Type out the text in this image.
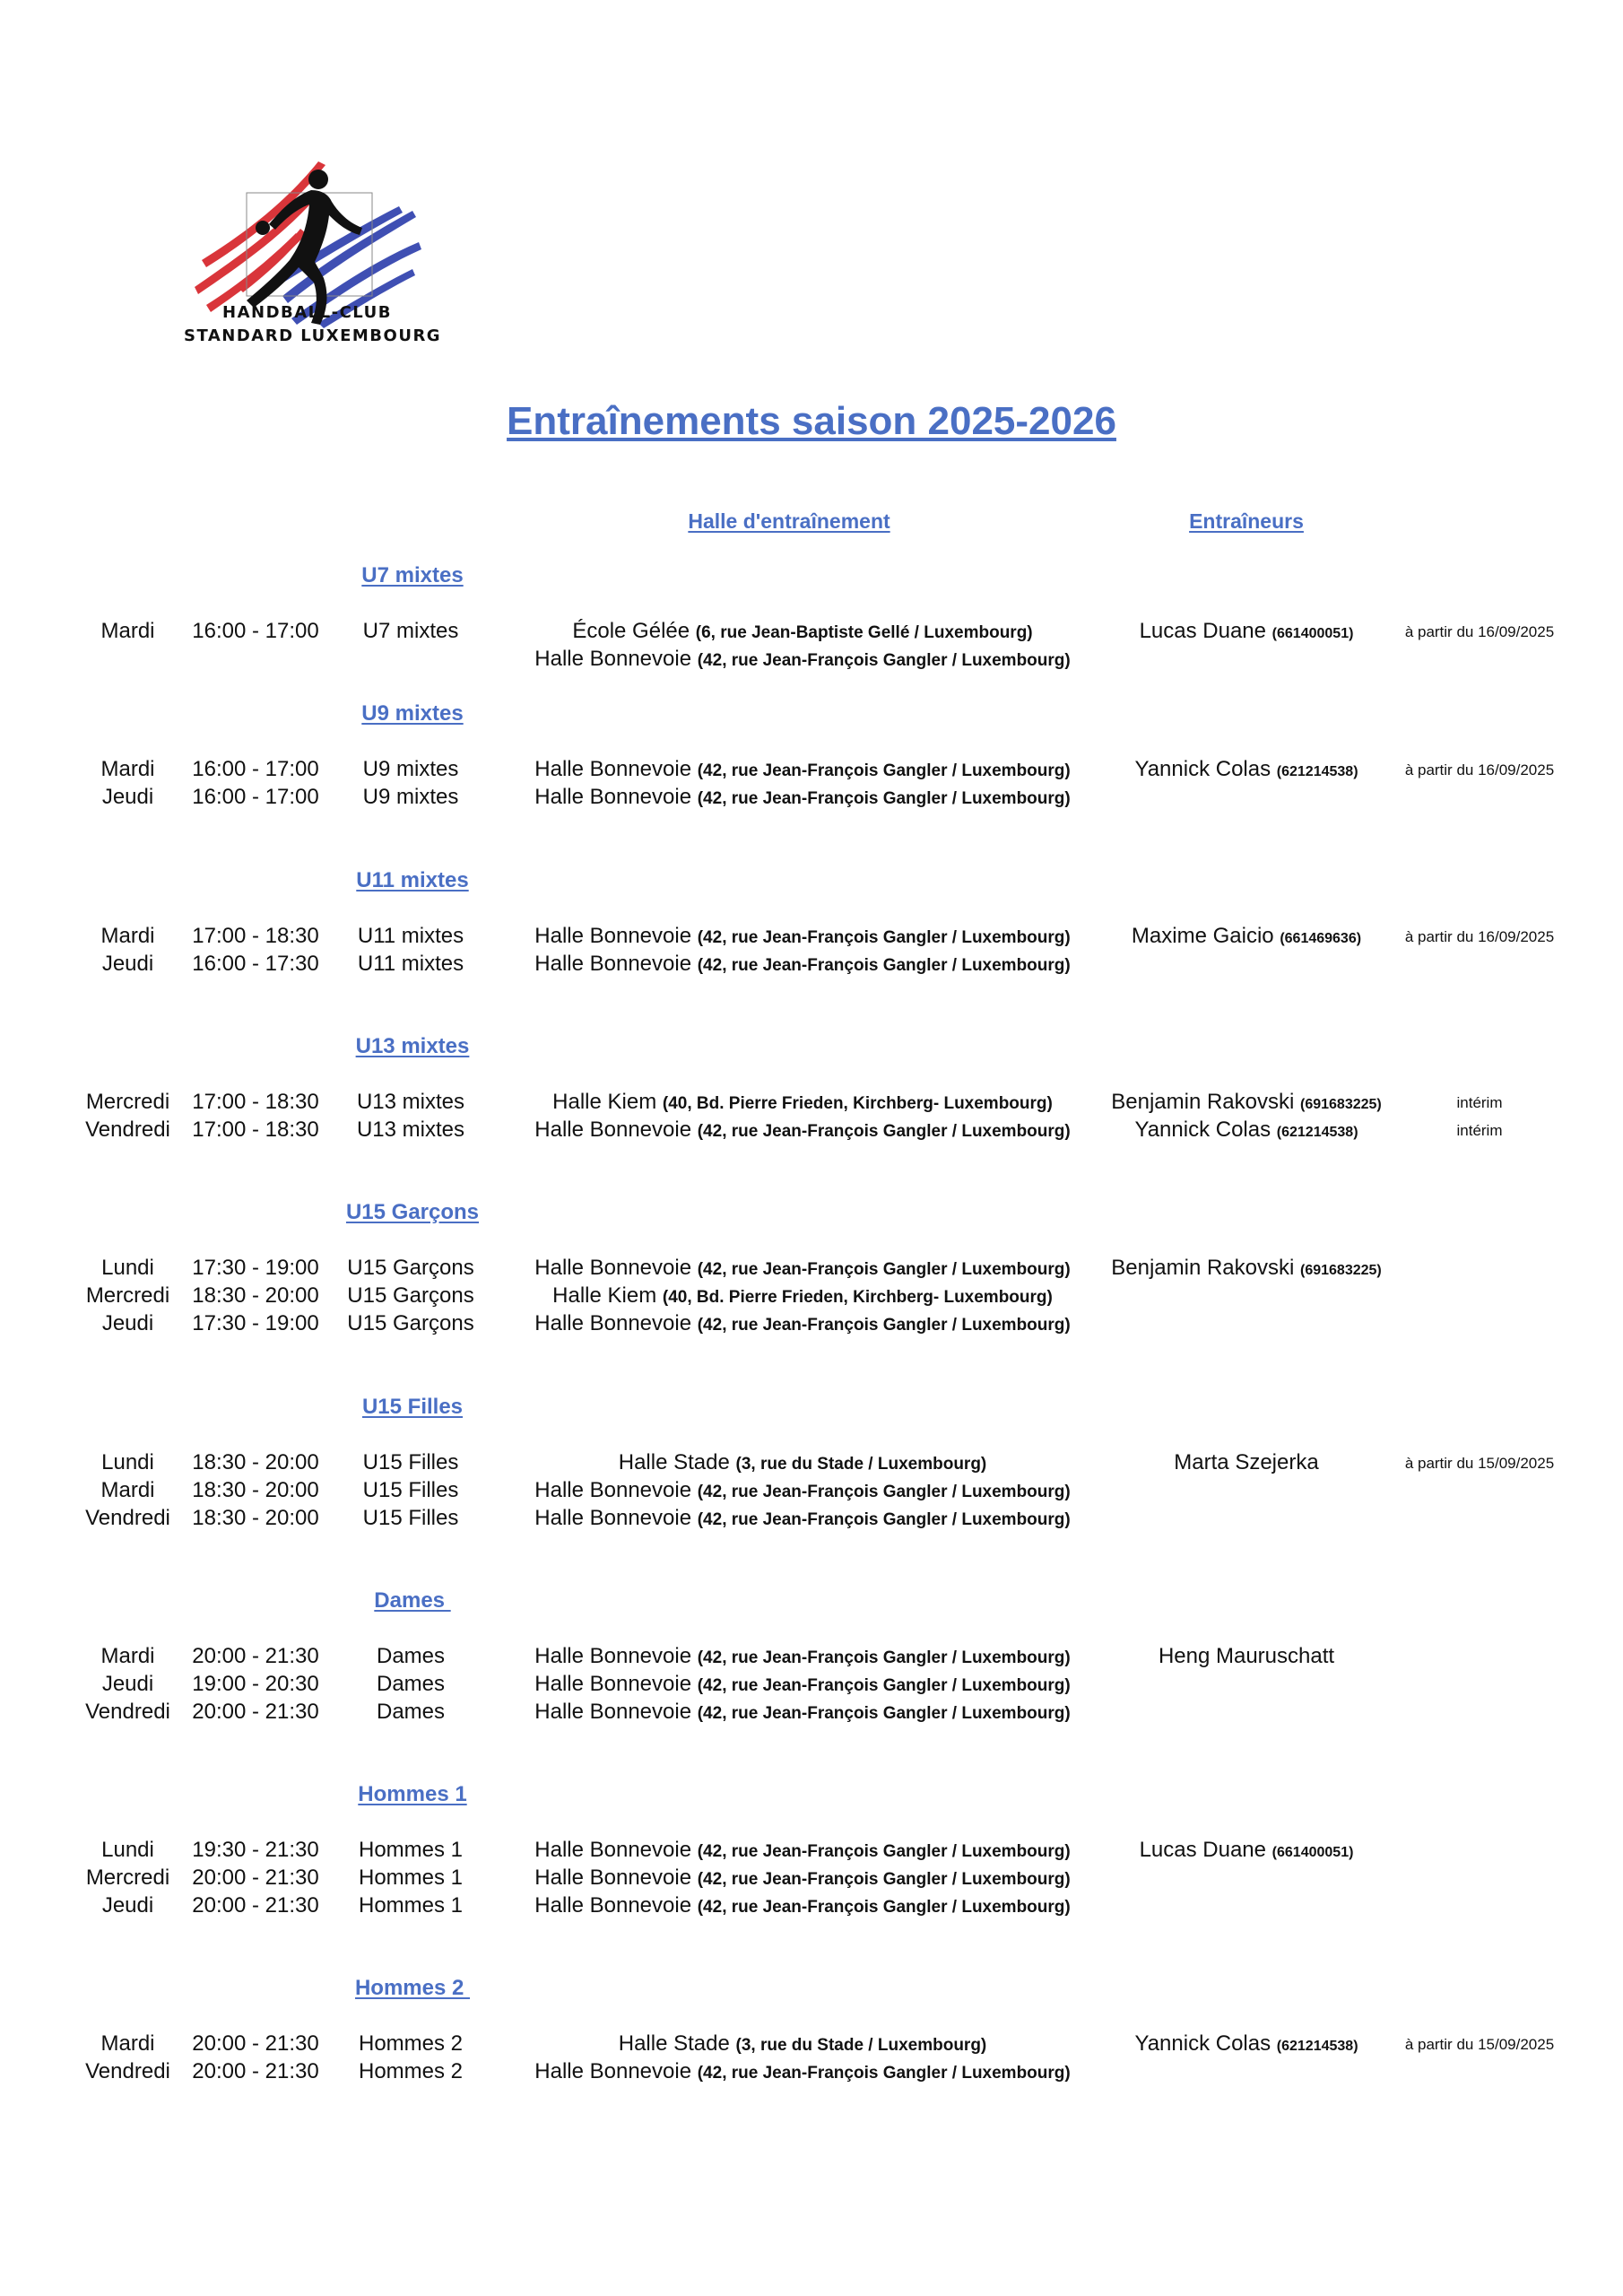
HANDBALL-CLUB
STANDARD LUXEMBOURG
Entraînements saison 2025-2026
Halle d'entraînement	Entraîneurs
U7 mixtes
Mardi	16:00 - 17:00	U7 mixtes	École Gélée (6, rue Jean-Baptiste Gellé / Luxembourg)	Lucas Duane (661400051)	à partir du 16/09/2025
Halle Bonnevoie (42, rue Jean-François Gangler / Luxembourg)
U9 mixtes
Mardi	16:00 - 17:00	U9 mixtes	Halle Bonnevoie (42, rue Jean-François Gangler / Luxembourg)	Yannick Colas (621214538)	à partir du 16/09/2025
Jeudi	16:00 - 17:00	U9 mixtes	Halle Bonnevoie (42, rue Jean-François Gangler / Luxembourg)
U11 mixtes
Mardi	17:00 - 18:30	U11 mixtes	Halle Bonnevoie (42, rue Jean-François Gangler / Luxembourg)	Maxime Gaicio (661469636)	à partir du 16/09/2025
Jeudi	16:00 - 17:30	U11 mixtes	Halle Bonnevoie (42, rue Jean-François Gangler / Luxembourg)
U13 mixtes
Mercredi	17:00 - 18:30	U13 mixtes	Halle Kiem (40, Bd. Pierre Frieden, Kirchberg- Luxembourg)	Benjamin Rakovski (691683225)	intérim
Vendredi	17:00 - 18:30	U13 mixtes	Halle Bonnevoie (42, rue Jean-François Gangler / Luxembourg)	Yannick Colas (621214538)	intérim
U15 Garçons
Lundi	17:30 - 19:00	U15 Garçons	Halle Bonnevoie (42, rue Jean-François Gangler / Luxembourg)	Benjamin Rakovski (691683225)
Mercredi	18:30 - 20:00	U15 Garçons	Halle Kiem (40, Bd. Pierre Frieden, Kirchberg- Luxembourg)
Jeudi	17:30 - 19:00	U15 Garçons	Halle Bonnevoie (42, rue Jean-François Gangler / Luxembourg)
U15 Filles
Lundi	18:30 - 20:00	U15 Filles	Halle Stade (3, rue du Stade / Luxembourg)	Marta Szejerka	à partir du 15/09/2025
Mardi	18:30 - 20:00	U15 Filles	Halle Bonnevoie (42, rue Jean-François Gangler / Luxembourg)
Vendredi	18:30 - 20:00	U15 Filles	Halle Bonnevoie (42, rue Jean-François Gangler / Luxembourg)
Dames
Mardi	20:00 - 21:30	Dames	Halle Bonnevoie (42, rue Jean-François Gangler / Luxembourg)	Heng Mauruschatt
Jeudi	19:00 - 20:30	Dames	Halle Bonnevoie (42, rue Jean-François Gangler / Luxembourg)
Vendredi	20:00 - 21:30	Dames	Halle Bonnevoie (42, rue Jean-François Gangler / Luxembourg)
Hommes 1
Lundi	19:30 - 21:30	Hommes 1	Halle Bonnevoie (42, rue Jean-François Gangler / Luxembourg)	Lucas Duane (661400051)
Mercredi	20:00 - 21:30	Hommes 1	Halle Bonnevoie (42, rue Jean-François Gangler / Luxembourg)
Jeudi	20:00 - 21:30	Hommes 1	Halle Bonnevoie (42, rue Jean-François Gangler / Luxembourg)
Hommes 2
Mardi	20:00 - 21:30	Hommes 2	Halle Stade (3, rue du Stade / Luxembourg)	Yannick Colas (621214538)	à partir du 15/09/2025
Vendredi	20:00 - 21:30	Hommes 2	Halle Bonnevoie (42, rue Jean-François Gangler / Luxembourg)
